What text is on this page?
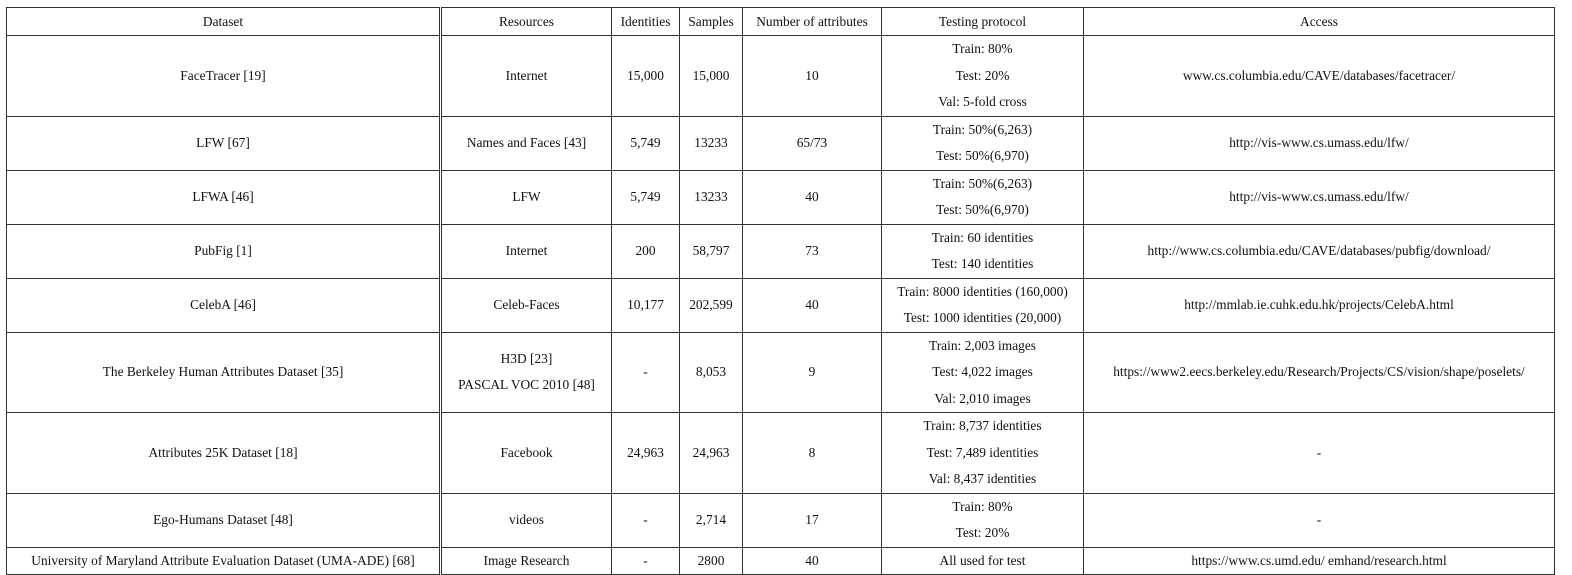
Dataset	Resources	Identities	Samples	Number of attributes	Testing protocol	Access
FaceTracer [19]	Internet	15,000	15,000	10	Train: 80%
Test: 20%
Val: 5-fold cross	www.cs.columbia.edu/CAVE/databases/facetracer/
LFW [67]	Names and Faces [43]	5,749	13233	65/73	Train: 50%(6,263)
Test: 50%(6,970)	http://vis-www.cs.umass.edu/lfw/
LFWA [46]	LFW	5,749	13233	40	Train: 50%(6,263)
Test: 50%(6,970)	http://vis-www.cs.umass.edu/lfw/
PubFig [1]	Internet	200	58,797	73	Train: 60 identities
Test: 140 identities	http://www.cs.columbia.edu/CAVE/databases/pubfig/download/
CelebA [46]	Celeb-Faces	10,177	202,599	40	Train: 8000 identities (160,000)
Test: 1000 identities (20,000)	http://mmlab.ie.cuhk.edu.hk/projects/CelebA.html
The Berkeley Human Attributes Dataset [35]	H3D [23]
PASCAL VOC 2010 [48]	-	8,053	9	Train: 2,003 images
Test: 4,022 images
Val: 2,010 images	https://www2.eecs.berkeley.edu/Research/Projects/CS/vision/shape/poselets/
Attributes 25K Dataset [18]	Facebook	24,963	24,963	8	Train: 8,737 identities
Test: 7,489 identities
Val: 8,437 identities	-
Ego-Humans Dataset [48]	videos	-	2,714	17	Train: 80%
Test: 20%	-
University of Maryland Attribute Evaluation Dataset (UMA-ADE) [68]	Image Research	-	2800	40	All used for test	https://www.cs.umd.edu/ emhand/research.html
